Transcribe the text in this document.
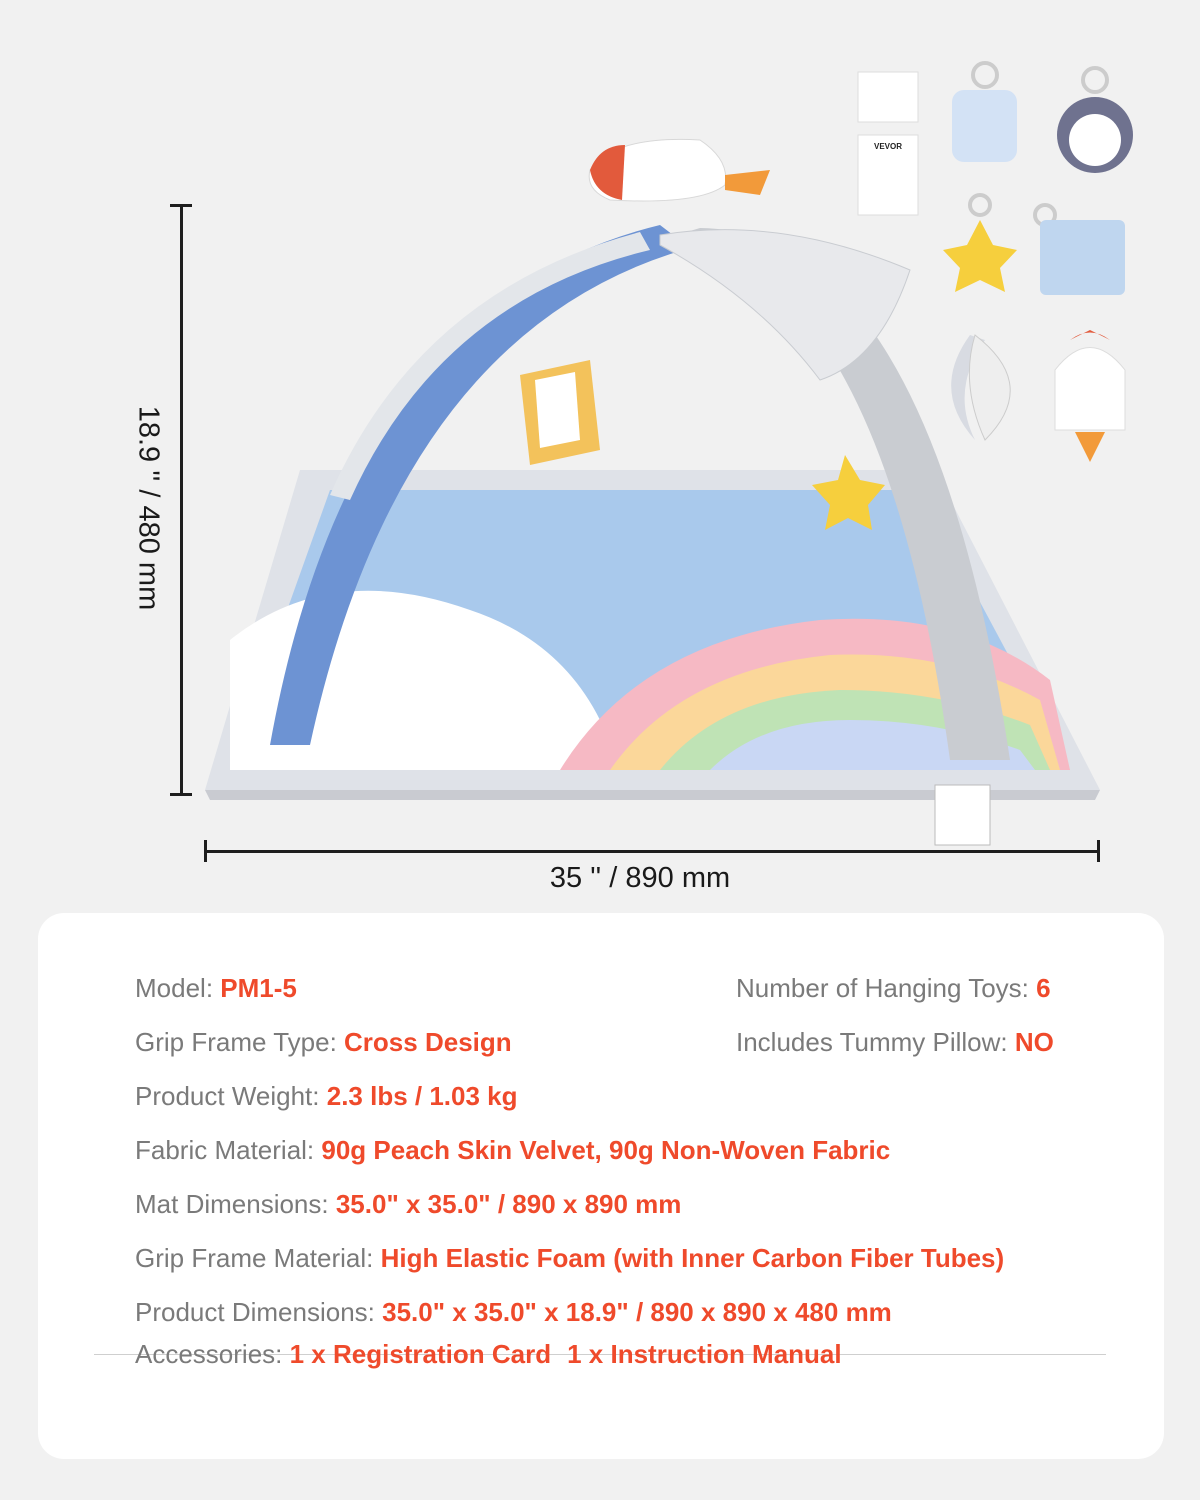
VEVOR
18.9 '' / 480 mm
35 '' / 890 mm
Model: PM1-5	Number of Hanging Toys: 6
Grip Frame Type: Cross Design	Includes Tummy Pillow: NO
Product Weight: 2.3 lbs / 1.03 kg
Fabric Material: 90g Peach Skin Velvet, 90g Non-Woven Fabric
Mat Dimensions: 35.0" x 35.0" / 890 x 890 mm
Grip Frame Material: High Elastic Foam (with Inner Carbon Fiber Tubes)
Product Dimensions: 35.0" x 35.0" x 18.9" / 890 x 890 x 480 mm
Accessories: 1 x Registration Card 1 x Instruction Manual
